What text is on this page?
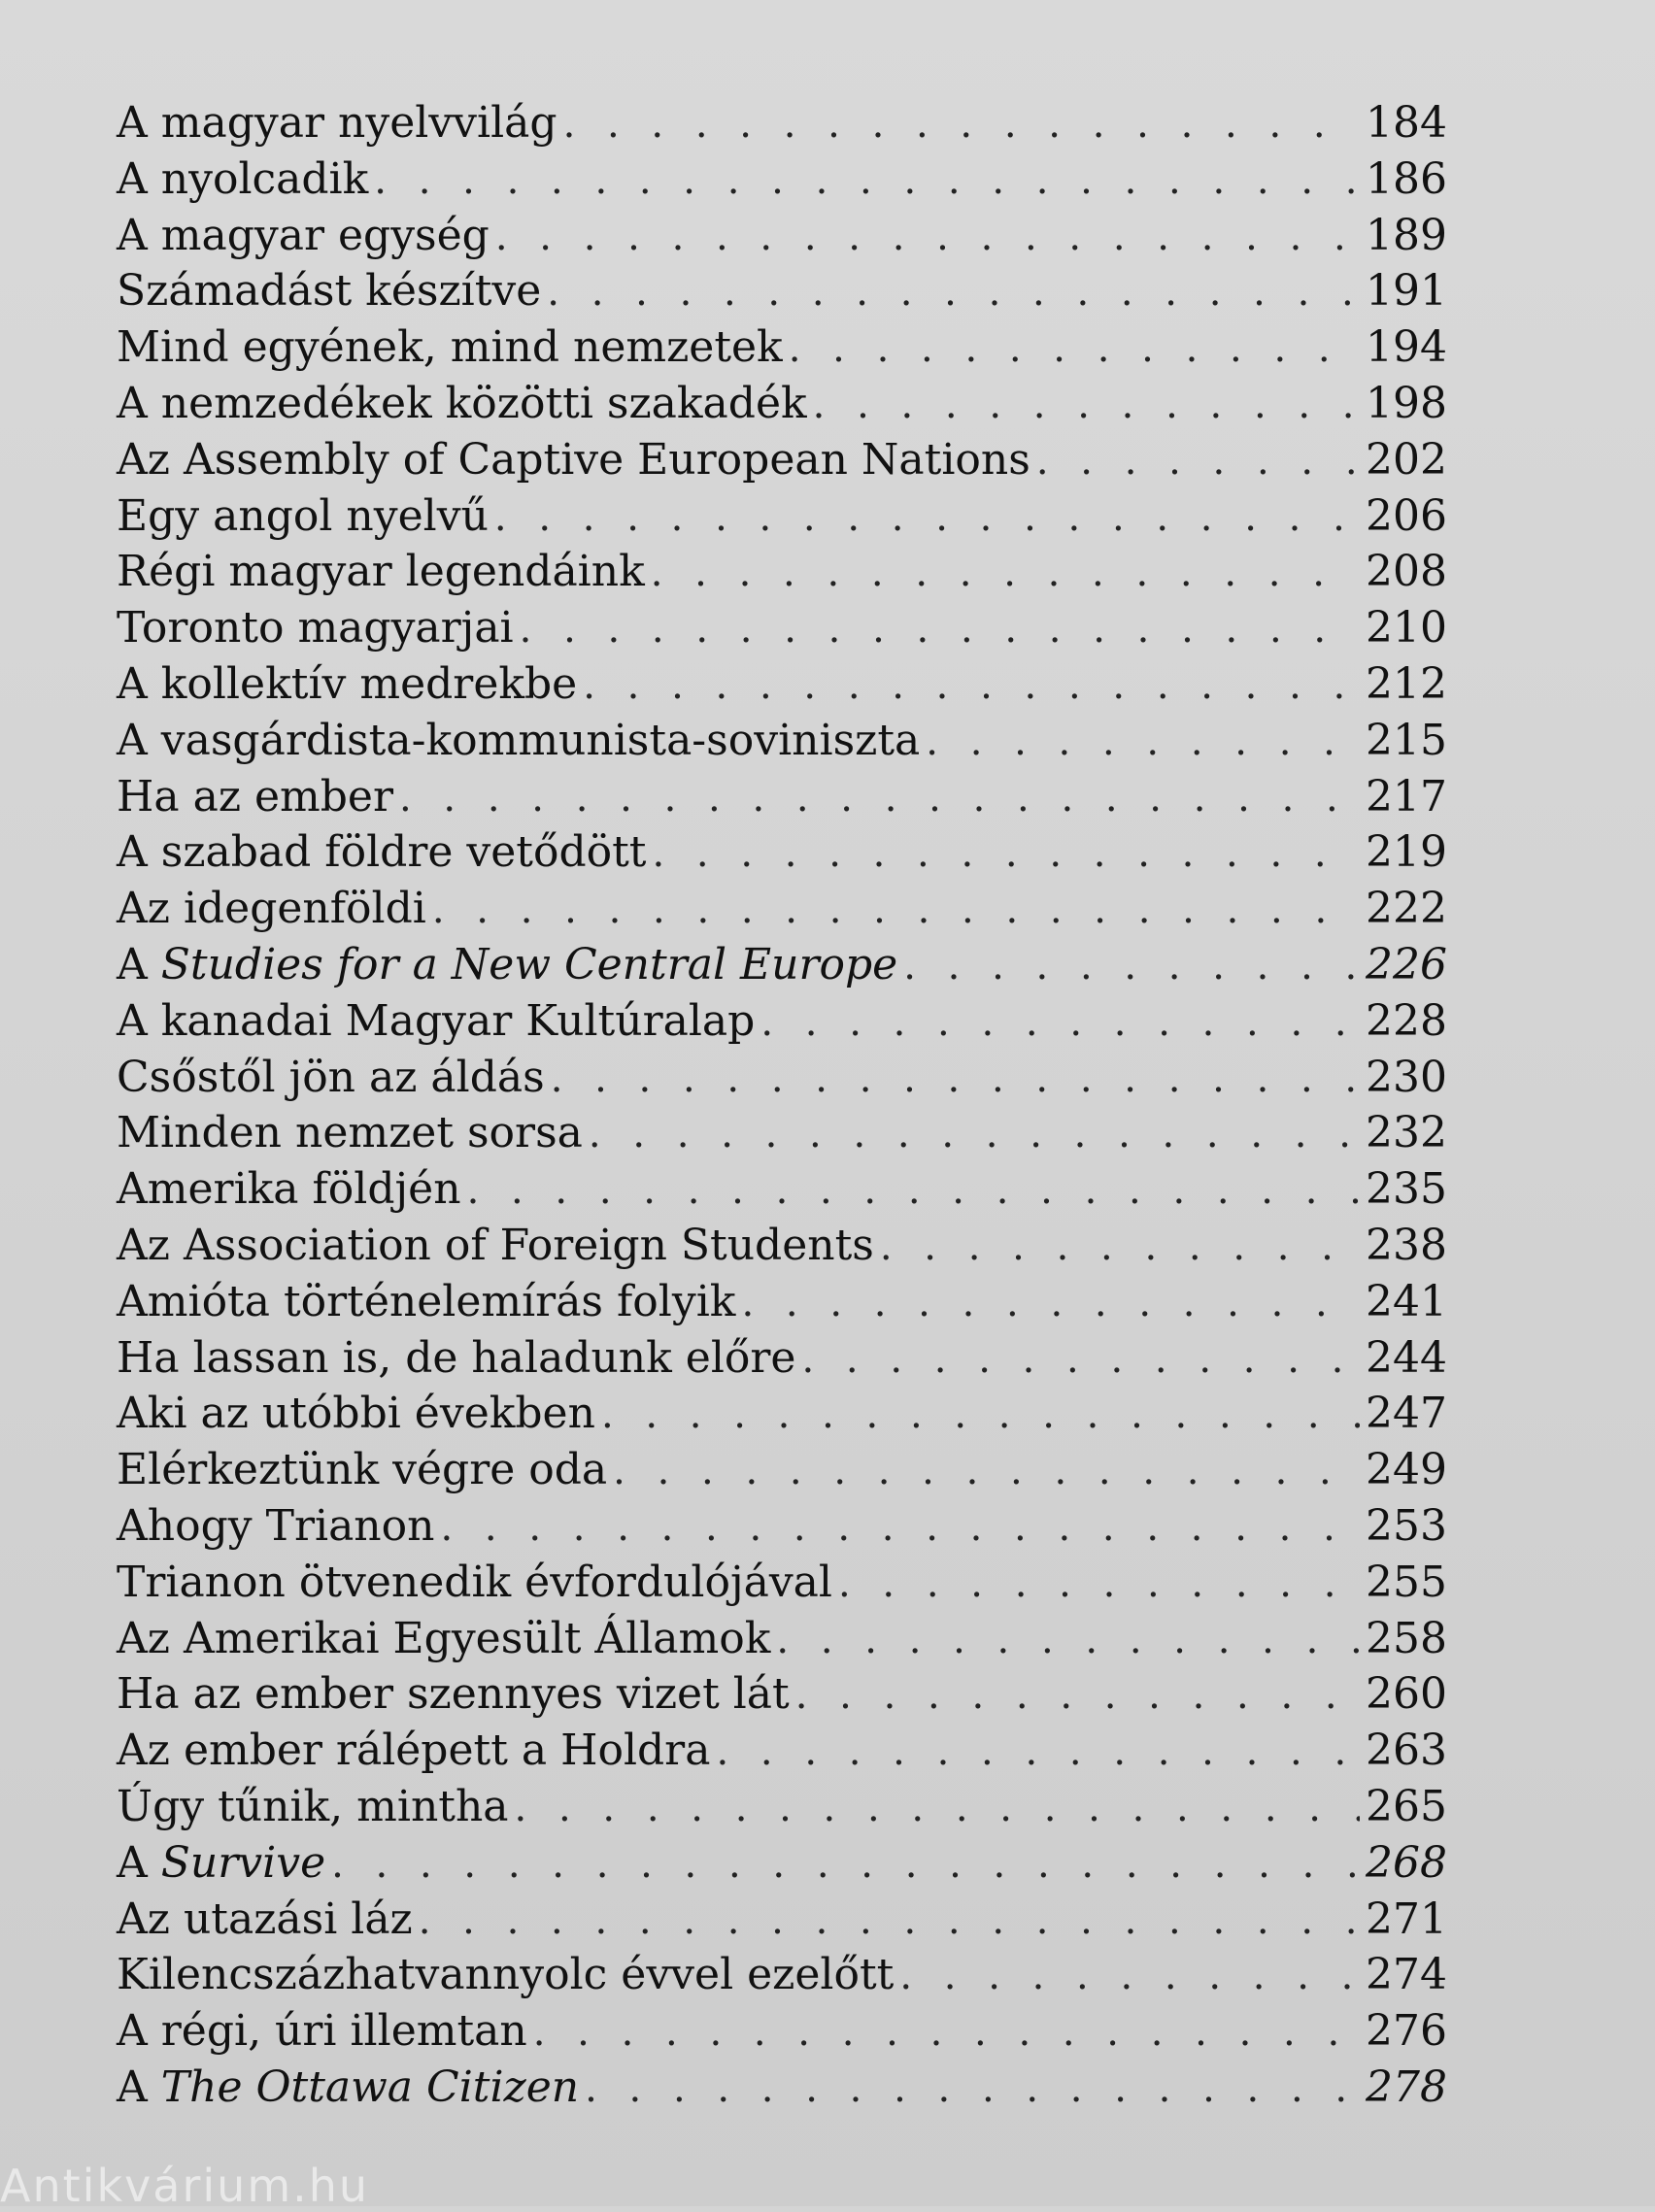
A magyar nyelvvilág . . .	184
A nyolcadik . . .	186
A magyar egység . . .	189
Számadást készítve . . .	191
Mind egyének, mind nemzetek . . .	194
A nemzedékek közötti szakadék . . .	198
Az Assembly of Captive European Nations . . .	202
Egy angol nyelvű . . .	206
Régi magyar legendáink . . .	208
Toronto magyarjai . . .	210
A kollektív medrekbe . . .	212
A vasgárdista-kommunista-soviniszta . . .	215
Ha az ember . . .	217
A szabad földre vetődött . . .	219
Az idegenföldi . . .	222
A Studies for a New Central Europe . . .	226
A kanadai Magyar Kultúralap . . .	228
Csőstől jön az áldás . . .	230
Minden nemzet sorsa . . .	232
Amerika földjén . . .	235
Az Association of Foreign Students . . .	238
Amióta történelemírás folyik . . .	241
Ha lassan is, de haladunk előre . . .	244
Aki az utóbbi években . . .	247
Elérkeztünk végre oda . . .	249
Ahogy Trianon . . .	253
Trianon ötvenedik évfordulójával . . .	255
Az Amerikai Egyesült Államok . . .	258
Ha az ember szennyes vizet lát . . .	260
Az ember rálépett a Holdra . . .	263
Úgy tűnik, mintha . . .	265
A Survive . . .	268
Az utazási láz . . .	271
Kilencszázhatvannyolc évvel ezelőtt . . .	274
A régi, úri illemtan . . .	276
A The Ottawa Citizen . . .	278
Antikvárium.hu
